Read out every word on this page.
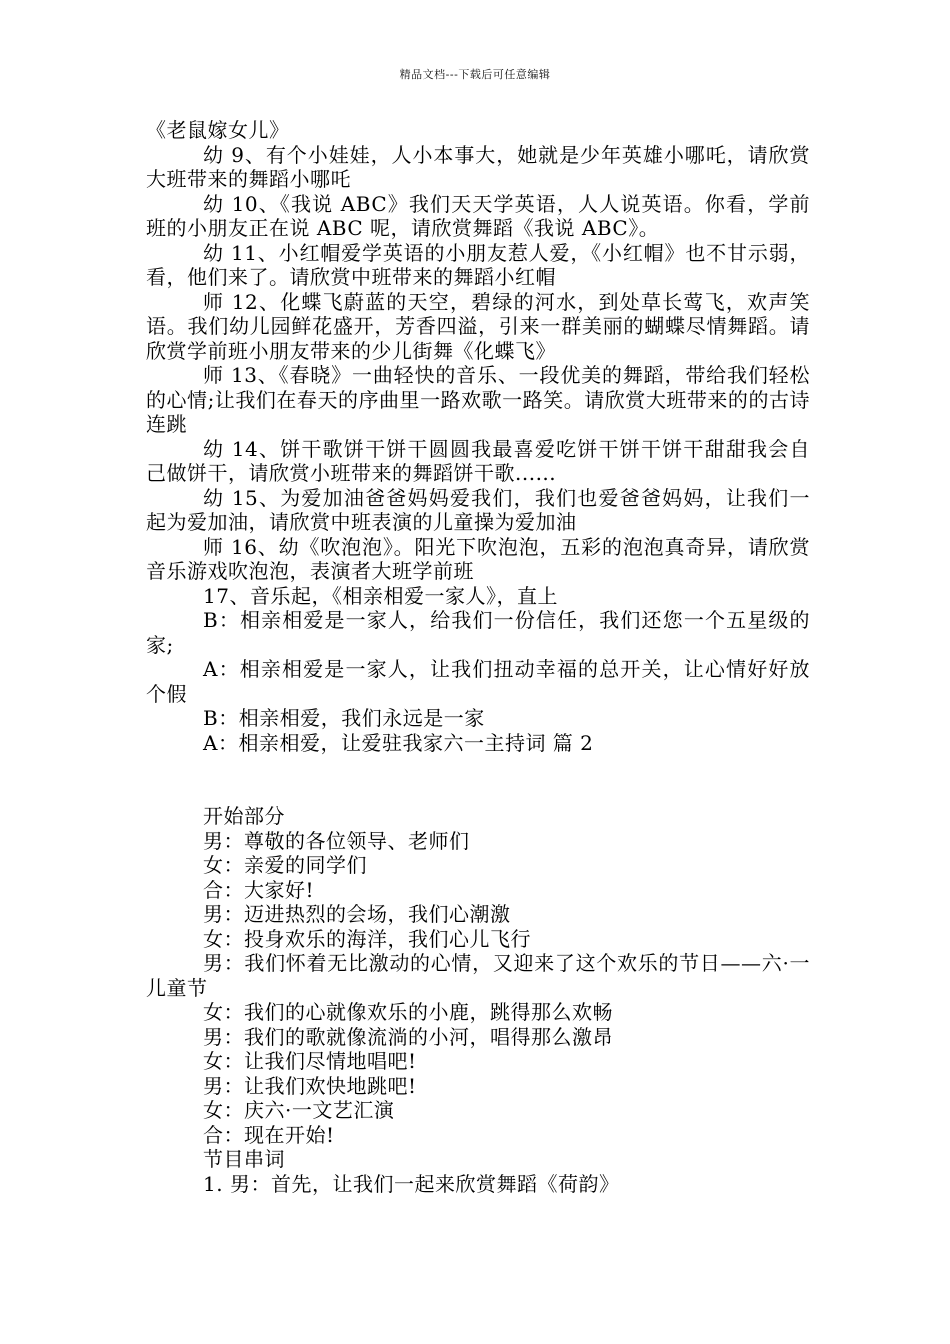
精品文档---下载后可任意编辑

《老鼠嫁女儿》

幼 9、有个小娃娃，人小本事大，她就是少年英雄小哪吒，请欣赏大班带来的舞蹈小哪吒

幼 10、《我说 ABC》我们天天学英语，人人说英语。你看，学前班的小朋友正在说 ABC 呢，请欣赏舞蹈《我说 ABC》。

幼 11、小红帽爱学英语的小朋友惹人爱，《小红帽》也不甘示弱，看，他们来了。请欣赏中班带来的舞蹈小红帽

师 12、化蝶飞蔚蓝的天空，碧绿的河水，到处草长莺飞，欢声笑语。我们幼儿园鲜花盛开，芳香四溢，引来一群美丽的蝴蝶尽情舞蹈。请欣赏学前班小朋友带来的少儿街舞《化蝶飞》

师 13、《春晓》一曲轻快的音乐、一段优美的舞蹈，带给我们轻松的心情;让我们在春天的序曲里一路欢歌一路笑。请欣赏大班带来的的古诗连跳

幼 14、饼干歌饼干饼干圆圆我最喜爱吃饼干饼干饼干甜甜我会自己做饼干，请欣赏小班带来的舞蹈饼干歌......

幼 15、为爱加油爸爸妈妈爱我们，我们也爱爸爸妈妈，让我们一起为爱加油，请欣赏中班表演的儿童操为爱加油

师 16、幼《吹泡泡》。阳光下吹泡泡，五彩的泡泡真奇异，请欣赏音乐游戏吹泡泡，表演者大班学前班

17、音乐起，《相亲相爱一家人》，直上

B：相亲相爱是一家人，给我们一份信任，我们还您一个五星级的家;

A：相亲相爱是一家人，让我们扭动幸福的总开关，让心情好好放个假

B：相亲相爱，我们永远是一家

A：相亲相爱，让爱驻我家六一主持词 篇 2

开始部分

男：尊敬的各位领导、老师们

女：亲爱的同学们

合：大家好!

男：迈进热烈的会场，我们心潮激

女：投身欢乐的海洋，我们心儿飞行

男：我们怀着无比激动的心情，又迎来了这个欢乐的节日——六·一儿童节

女：我们的心就像欢乐的小鹿，跳得那么欢畅

男：我们的歌就像流淌的小河，唱得那么激昂

女：让我们尽情地唱吧!

男：让我们欢快地跳吧!

女：庆六·一文艺汇演

合：现在开始!

节目串词

1. 男：首先，让我们一起来欣赏舞蹈《荷韵》
